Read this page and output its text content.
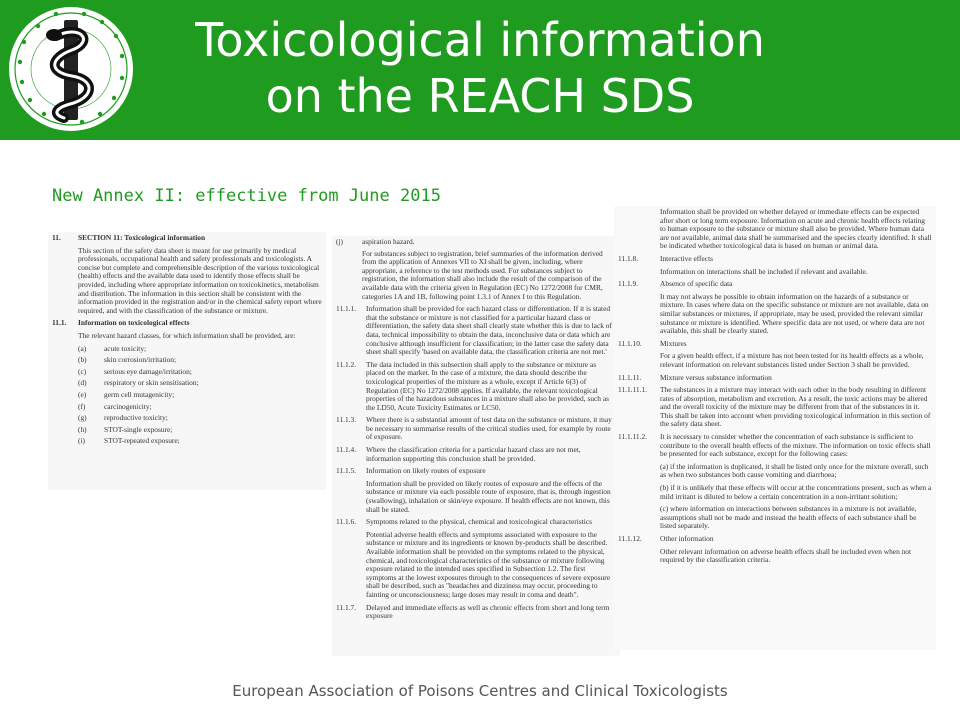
Toxicological information
on the REACH SDS
New Annex II: effective from June 2015
11.	SECTION 11: Toxicological information

This section of the safety data sheet is meant for use primarily by medical professionals, occupational health and safety professionals and toxicologists. A concise but complete and comprehensible description of the various toxicological (health) effects and the available data used to identify those effects shall be provided, including where appropriate information on toxicokinetics, metabolism and distribution. The information in this section shall be consistent with the information provided in the registration and/or in the chemical safety report where required, and with the classification of the substance or mixture.

11.1.	Information on toxicological effects

The relevant hazard classes, for which information shall be provided, are:

(a)	acute toxicity;
(b)	skin corrosion/irritation;
(c)	serious eye damage/irritation;
(d)	respiratory or skin sensitisation;
(e)	germ cell mutagenicity;
(f)	carcinogenicity;
(g)	reproductive toxicity;
(h)	STOT-single exposure;
(i)	STOT-repeated exposure;
(j)	aspiration hazard.

For substances subject to registration, brief summaries of the information derived from the application of Annexes VII to XI shall be given, including, where appropriate, a reference to the test methods used. For substances subject to registration, the information shall also include the result of the comparison of the available data with the criteria given in Regulation (EC) No 1272/2008 for CMR, categories 1A and 1B, following point 1.3.1 of Annex I to this Regulation.

11.1.1.	Information shall be provided for each hazard class or differentiation. If it is stated that the substance or mixture is not classified for a particular hazard class or differentiation, the safety data sheet shall clearly state whether this is due to lack of data, technical impossibility to obtain the data, inconclusive data or data which are conclusive although insufficient for classification; in the latter case the safety data sheet shall specify 'based on available data, the classification criteria are not met.'
11.1.2.	The data included in this subsection shall apply to the substance or mixture as placed on the market. In the case of a mixture, the data should describe the toxicological properties of the mixture as a whole, except if Article 6(3) of Regulation (EC) No 1272/2008 applies. If available, the relevant toxicological properties of the hazardous substances in a mixture shall also be provided, such as the LD50, Acute Toxicity Estimates or LC50.
11.1.3.	Where there is a substantial amount of test data on the substance or mixture, it may be necessary to summarise results of the critical studies used, for example by route of exposure.
11.1.4.	Where the classification criteria for a particular hazard class are not met, information supporting this conclusion shall be provided.
11.1.5.	Information on likely routes of exposure
Information shall be provided on likely routes of exposure and the effects of the substance or mixture via each possible route of exposure, that is, through ingestion (swallowing), inhalation or skin/eye exposure. If health effects are not known, this shall be stated.
11.1.6.	Symptoms related to the physical, chemical and toxicological characteristics
Potential adverse health effects and symptoms associated with exposure to the substance or mixture and its ingredients or known by-products shall be described. Available information shall be provided on the symptoms related to the physical, chemical, and toxicological characteristics of the substance or mixture following exposure related to the intended uses specified in Subsection 1.2. The first symptoms at the lowest exposures through to the consequences of severe exposure shall be described, such as "headaches and dizziness may occur, proceeding to fainting or unconsciousness; large doses may result in coma and death".
11.1.7.	Delayed and immediate effects as well as chronic effects from short and long term exposure
Information shall be provided on whether delayed or immediate effects can be expected after short or long term exposure. Information on acute and chronic health effects relating to human exposure to the substance or mixture shall also be provided. Where human data are not available, animal data shall be summarised and the species clearly identified. It shall be indicated whether toxicological data is based on human or animal data.
11.1.8.	Interactive effects
Information on interactions shall be included if relevant and available.
11.1.9.	Absence of specific data
It may not always be possible to obtain information on the hazards of a substance or mixture. In cases where data on the specific substance or mixture are not available, data on similar substances or mixtures, if appropriate, may be used, provided the relevant similar substance or mixture is identified. Where specific data are not used, or where data are not available, this shall be clearly stated.
11.1.10.	Mixtures
For a given health effect, if a mixture has not been tested for its health effects as a whole, relevant information on relevant substances listed under Section 3 shall be provided.
11.1.11.	Mixture versus substance information
11.1.11.1.	The substances in a mixture may interact with each other in the body resulting in different rates of absorption, metabolism and excretion. As a result, the toxic actions may be altered and the overall toxicity of the mixture may be different from that of the substances in it. This shall be taken into account when providing toxicological information in this section of the safety data sheet.
11.1.11.2.	It is necessary to consider whether the concentration of each substance is sufficient to contribute to the overall health effects of the mixture. The information on toxic effects shall be presented for each substance, except for the following cases:
(a) if the information is duplicated, it shall be listed only once for the mixture overall, such as when two substances both cause vomiting and diarrhoea;
(b) if it is unlikely that these effects will occur at the concentrations present, such as when a mild irritant is diluted to below a certain concentration in a non-irritant solution;
(c) where information on interactions between substances in a mixture is not available, assumptions shall not be made and instead the health effects of each substance shall be listed separately.
11.1.12.	Other information
Other relevant information on adverse health effects shall be included even when not required by the classification criteria.
European Association of Poisons Centres and Clinical Toxicologists
